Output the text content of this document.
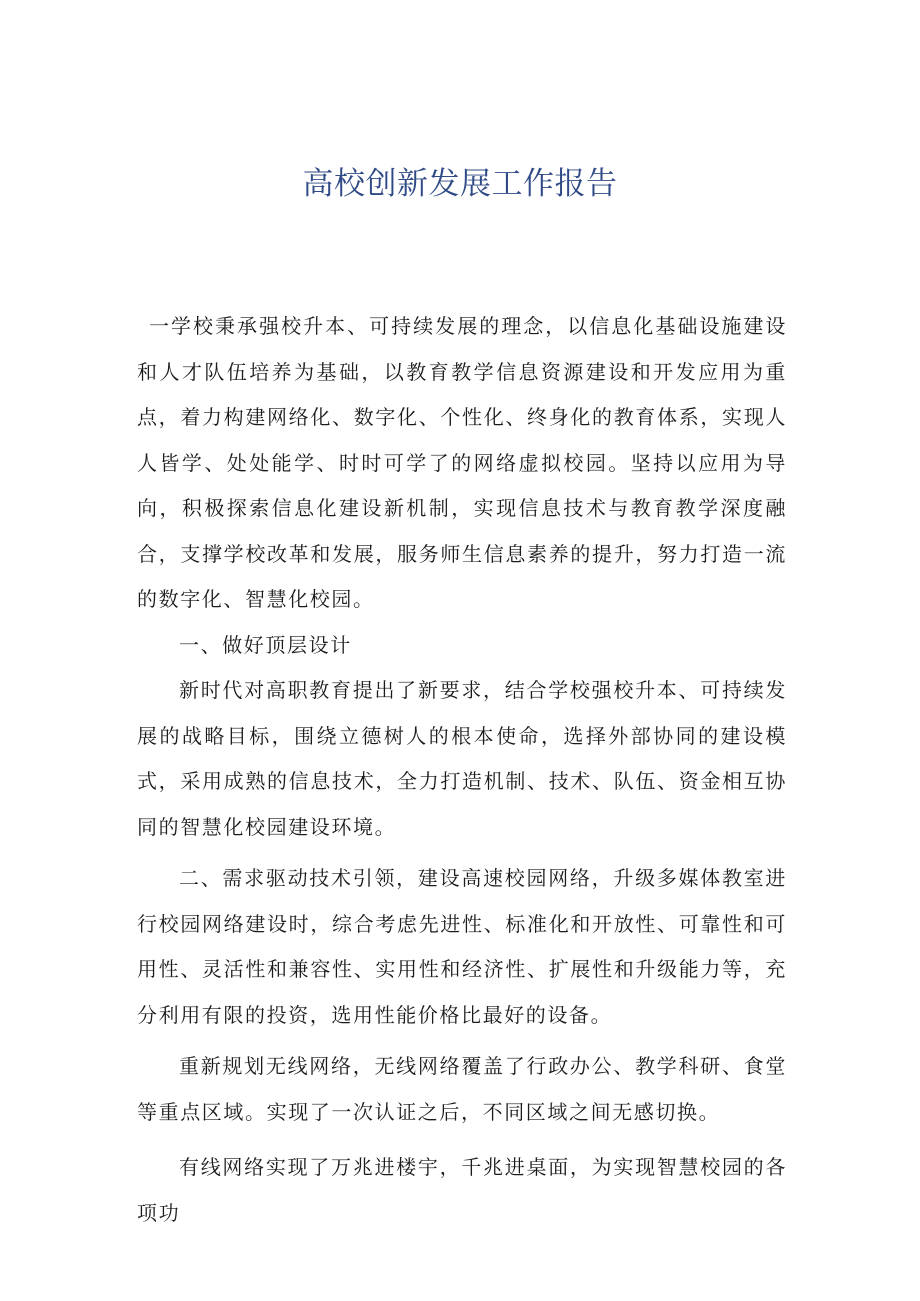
高校创新发展工作报告

一学校秉承强校升本、可持续发展的理念，以信息化基础设施建设和人才队伍培养为基础，以教育教学信息资源建设和开发应用为重点，着力构建网络化、数字化、个性化、终身化的教育体系，实现人人皆学、处处能学、时时可学了的网络虚拟校园。坚持以应用为导向，积极探索信息化建设新机制，实现信息技术与教育教学深度融合，支撑学校改革和发展，服务师生信息素养的提升，努力打造一流的数字化、智慧化校园。

一、做好顶层设计

新时代对高职教育提出了新要求，结合学校强校升本、可持续发展的战略目标，围绕立德树人的根本使命，选择外部协同的建设模式，采用成熟的信息技术，全力打造机制、技术、队伍、资金相互协同的智慧化校园建设环境。

二、需求驱动技术引领，建设高速校园网络，升级多媒体教室进行校园网络建设时，综合考虑先进性、标准化和开放性、可靠性和可用性、灵活性和兼容性、实用性和经济性、扩展性和升级能力等，充分利用有限的投资，选用性能价格比最好的设备。

重新规划无线网络，无线网络覆盖了行政办公、教学科研、食堂等重点区域。实现了一次认证之后，不同区域之间无感切换。

有线网络实现了万兆进楼宇，千兆进桌面，为实现智慧校园的各项功
